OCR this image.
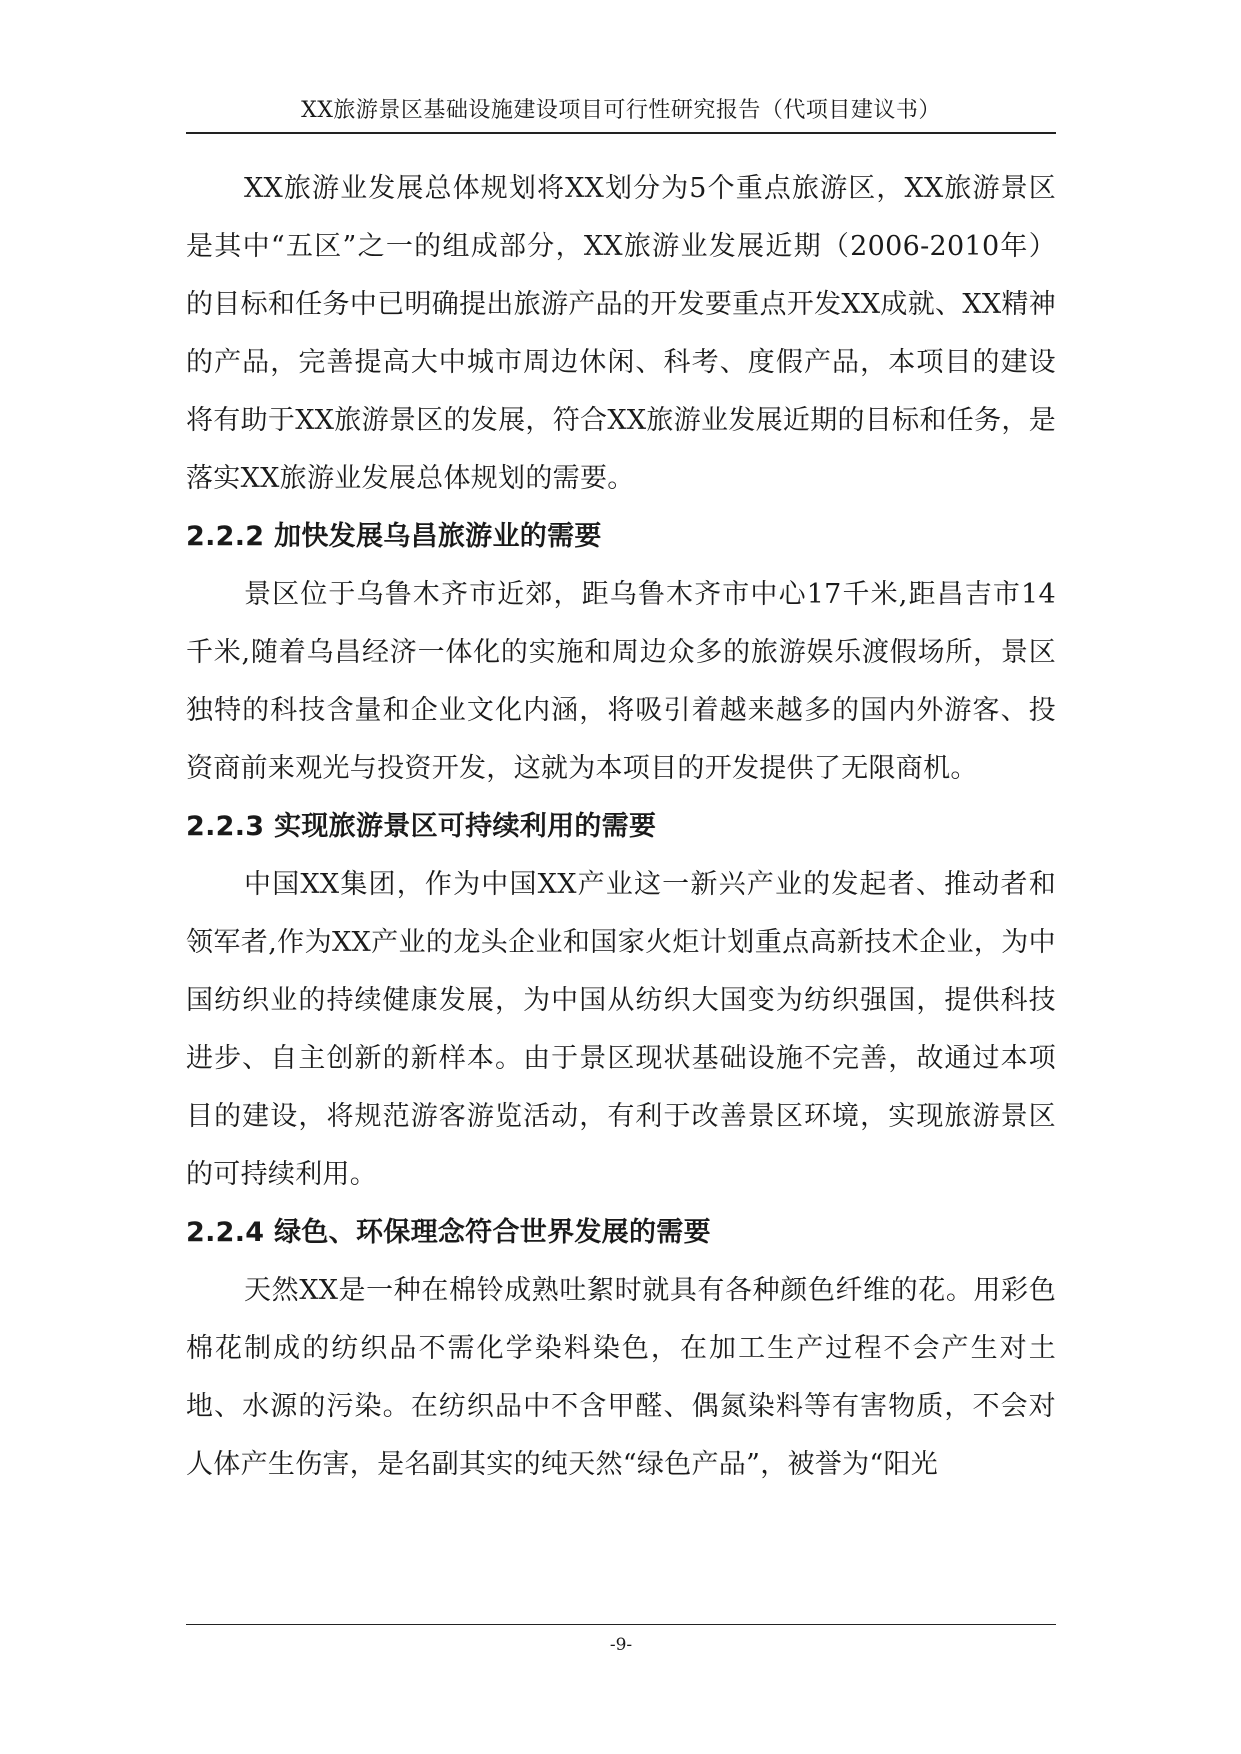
XX旅游景区基础设施建设项目可行性研究报告（代项目建议书）

XX旅游业发展总体规划将XX划分为5个重点旅游区，XX旅游景区是其中“五区”之一的组成部分，XX旅游业发展近期（2006-2010年）的目标和任务中已明确提出旅游产品的开发要重点开发XX成就、XX精神的产品，完善提高大中城市周边休闲、科考、度假产品，本项目的建设将有助于XX旅游景区的发展，符合XX旅游业发展近期的目标和任务，是落实XX旅游业发展总体规划的需要。

2.2.2 加快发展乌昌旅游业的需要

景区位于乌鲁木齐市近郊，距乌鲁木齐市中心17千米,距昌吉市14千米,随着乌昌经济一体化的实施和周边众多的旅游娱乐渡假场所，景区独特的科技含量和企业文化内涵，将吸引着越来越多的国内外游客、投资商前来观光与投资开发，这就为本项目的开发提供了无限商机。

2.2.3 实现旅游景区可持续利用的需要

中国XX集团，作为中国XX产业这一新兴产业的发起者、推动者和领军者,作为XX产业的龙头企业和国家火炬计划重点高新技术企业，为中国纺织业的持续健康发展，为中国从纺织大国变为纺织强国，提供科技进步、自主创新的新样本。由于景区现状基础设施不完善，故通过本项目的建设，将规范游客游览活动，有利于改善景区环境，实现旅游景区的可持续利用。

2.2.4 绿色、环保理念符合世界发展的需要

天然XX是一种在棉铃成熟吐絮时就具有各种颜色纤维的花。用彩色棉花制成的纺织品不需化学染料染色，在加工生产过程不会产生对土地、水源的污染。在纺织品中不含甲醛、偶氮染料等有害物质，不会对人体产生伤害，是名副其实的纯天然“绿色产品”，被誉为“阳光

-9-
